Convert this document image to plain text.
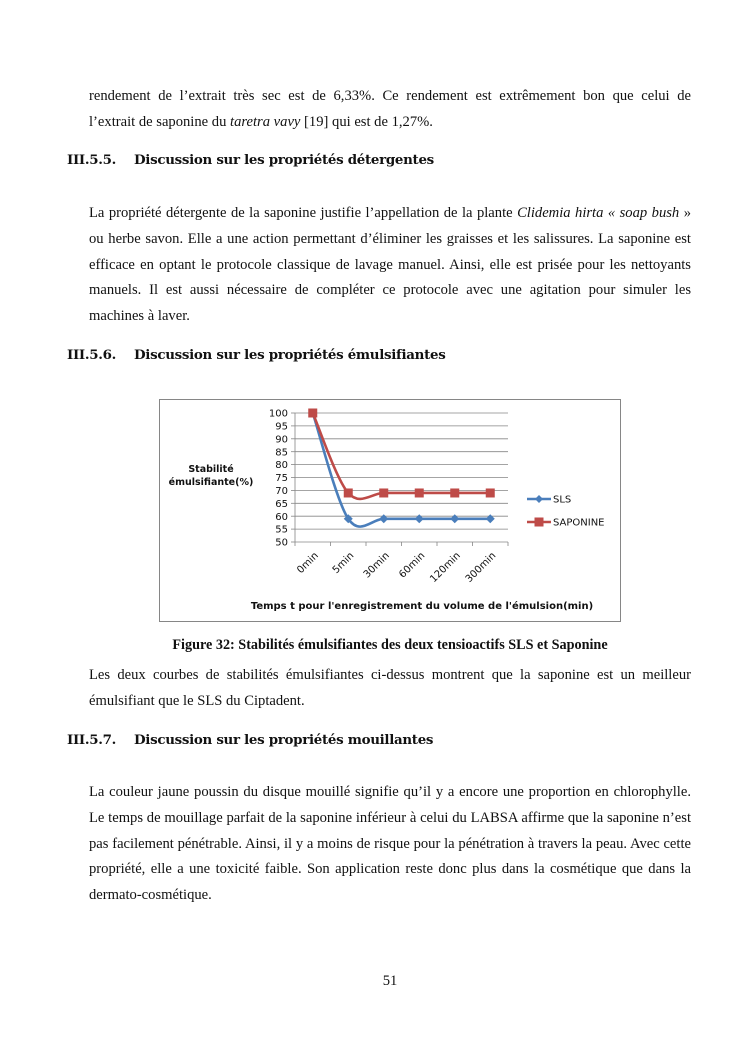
rendement de l’extrait très sec est de 6,33%. Ce rendement est extrêmement bon que celui de
l’extrait de saponine du taretra vavy [19] qui est de 1,27%.

III.5.5. Discussion sur les propriétés détergentes

La propriété détergente de la saponine justifie l’appellation de la plante Clidemia hirta « soap bush » ou herbe savon. Elle a une action permettant d’éliminer les graisses et les salissures. La saponine est efficace en optant le protocole classique de lavage manuel. Ainsi, elle est prisée pour les nettoyants manuels. Il est aussi nécessaire de compléter ce protocole avec une agitation pour simuler les machines à laver.

III.5.6. Discussion sur les propriétés émulsifiantes
100
95
90
85
80
75
70
65
60
55
50
0min 5min 30min 60min 120min 300min
Stabilité
émulsifiante(%)
Temps t pour l'enregistrement du volume de l'émulsion(min)
SLS
SAPONINE
Figure 32: Stabilités émulsifiantes des deux tensioactifs SLS et Saponine

Les deux courbes de stabilités émulsifiantes ci-dessus montrent que la saponine est un meilleur émulsifiant que le SLS du Ciptadent.

III.5.7. Discussion sur les propriétés mouillantes

La couleur jaune poussin du disque mouillé signifie qu’il y a encore une proportion en chlorophylle. Le temps de mouillage parfait de la saponine inférieur à celui du LABSA affirme que la saponine n’est pas facilement pénétrable. Ainsi, il y a moins de risque pour la pénétration à travers la peau. Avec cette propriété, elle a une toxicité faible. Son application reste donc plus dans la cosmétique que dans la dermato-cosmétique.

51
